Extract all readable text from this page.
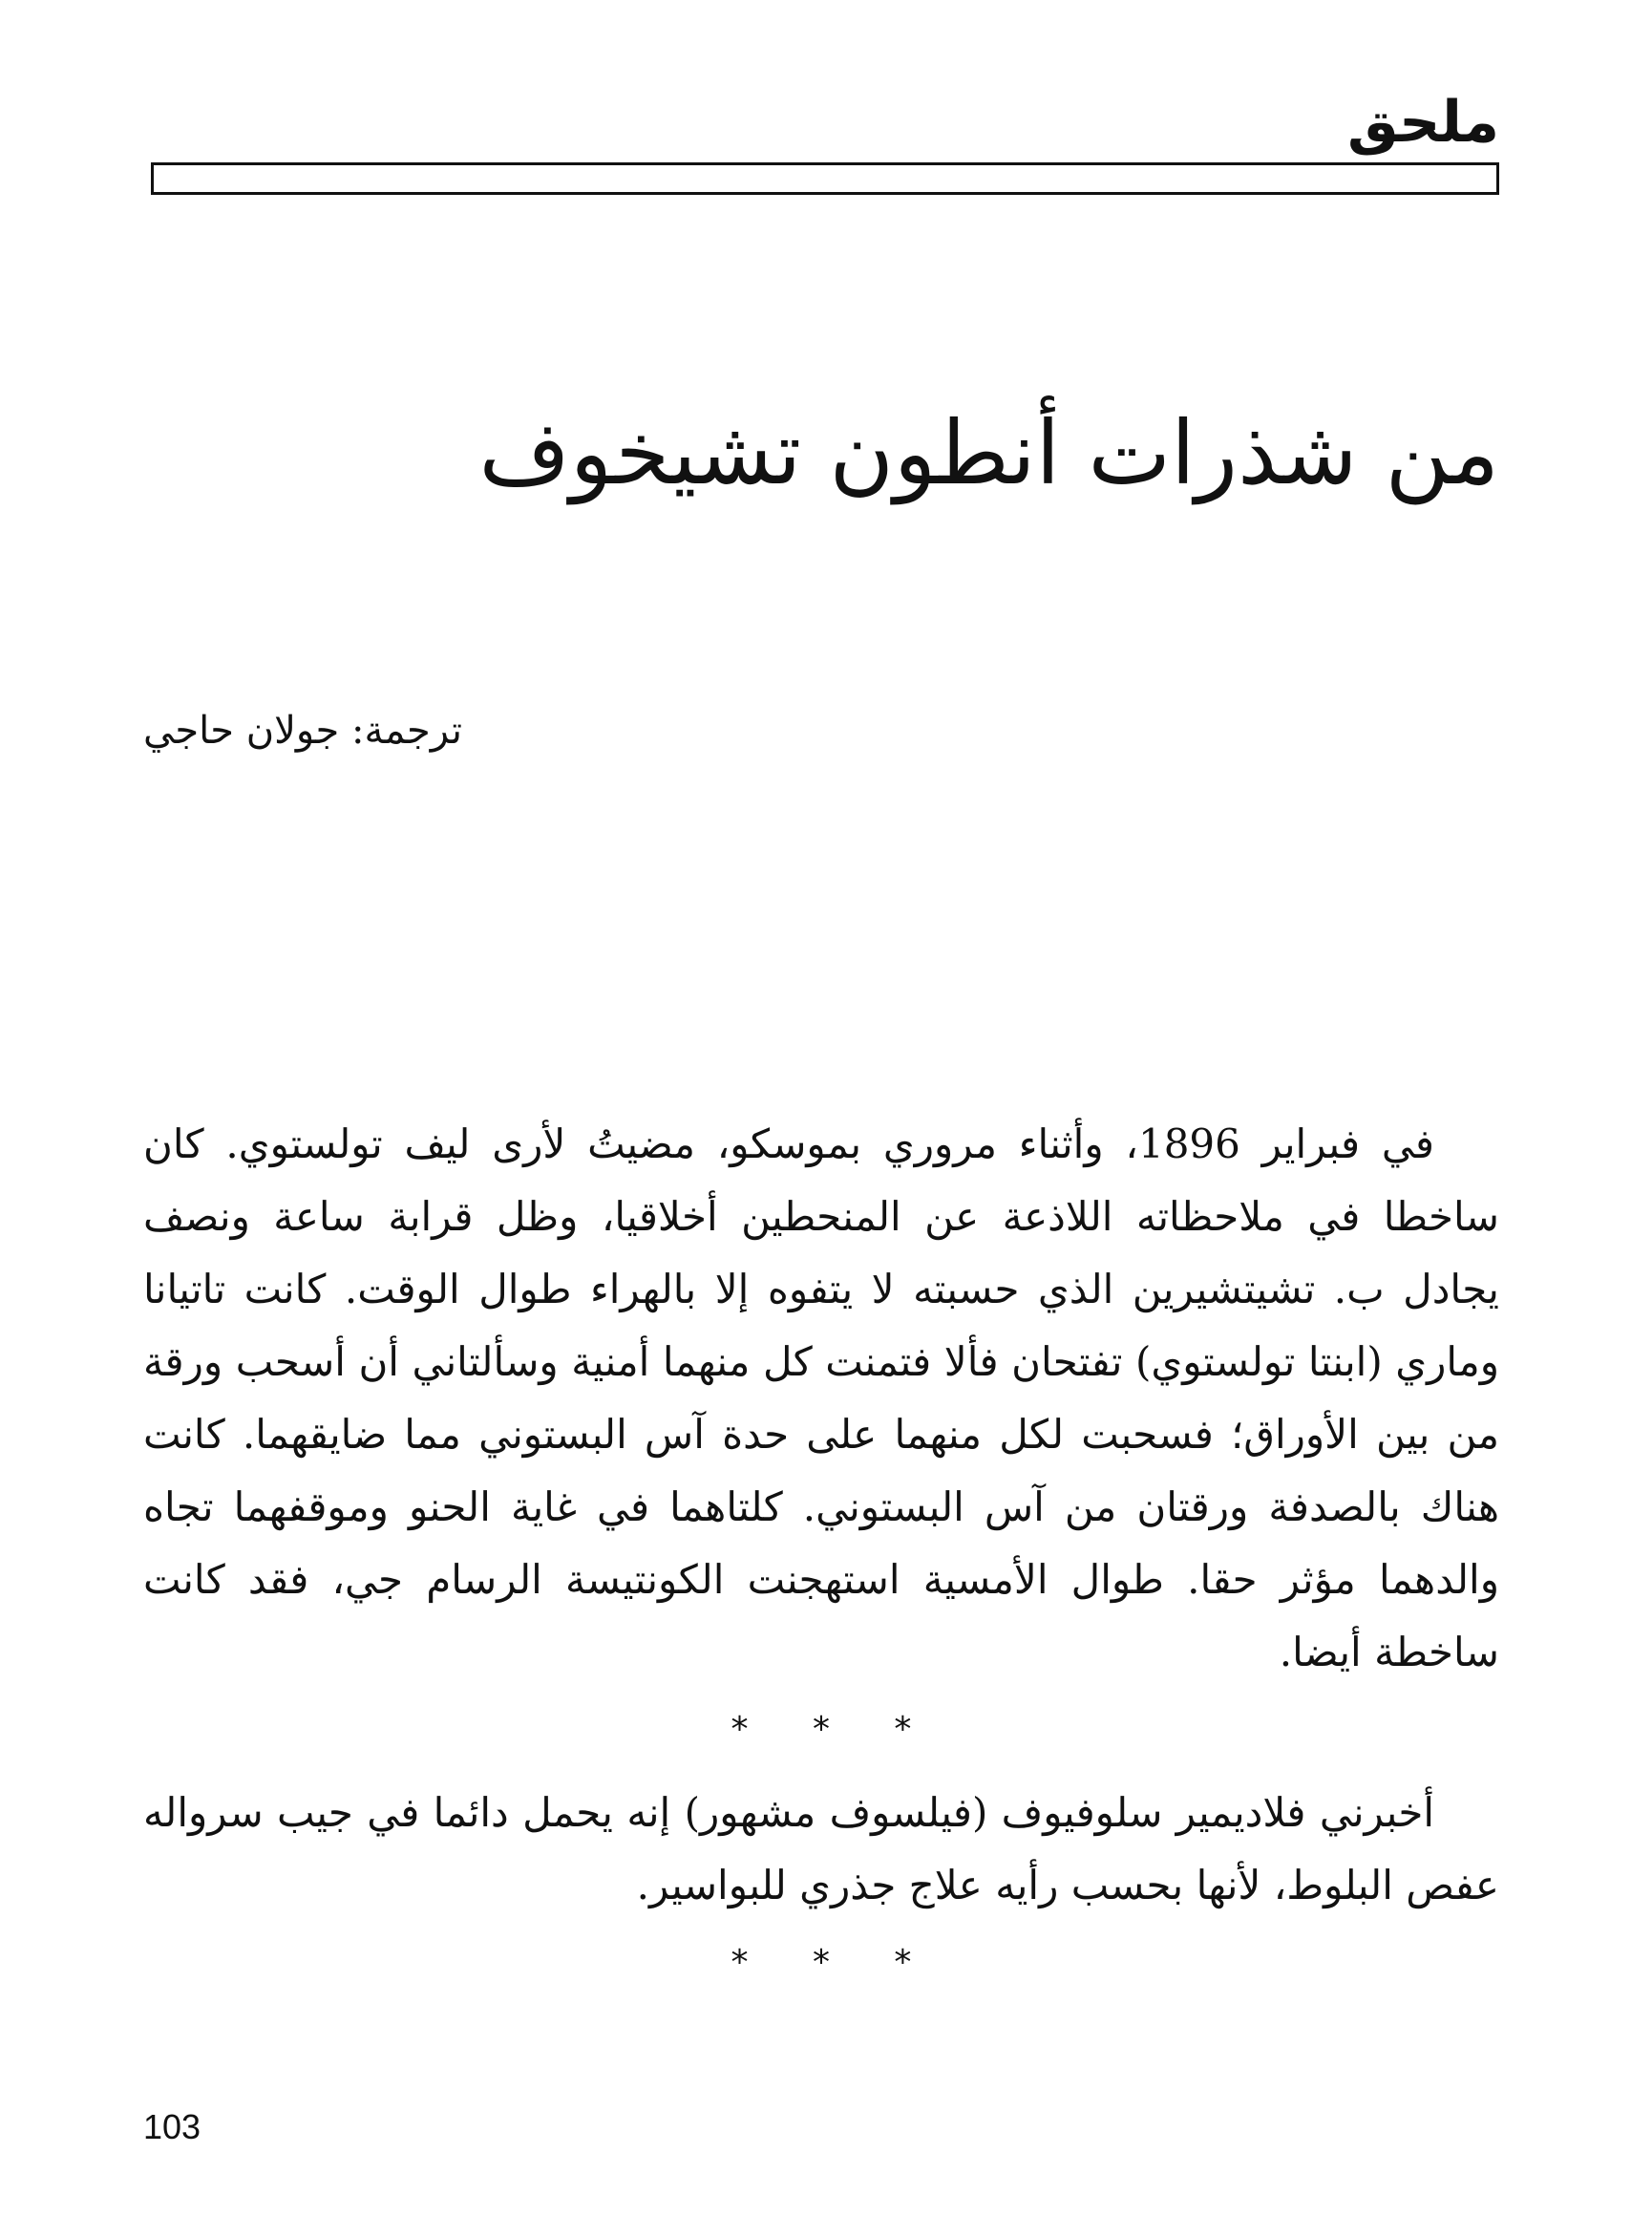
ملحق
من شذرات أنطون تشيخوف

ترجمة: جولان حاجي

في فبراير 1896، وأثناء مروري بموسكو، مضيتُ لأرى ليف تولستوي. كان ساخطا في ملاحظاته اللاذعة عن المنحطين أخلاقيا، وظل قرابة ساعة ونصف يجادل ب. تشيتشيرين الذي حسبته لا يتفوه إلا بالهراء طوال الوقت. كانت تاتيانا وماري (ابنتا تولستوي) تفتحان فألا فتمنت كل منهما أمنية وسألتاني أن أسحب ورقة من بين الأوراق؛ فسحبت لكل منهما على حدة آس البستوني مما ضايقهما. كانت هناك بالصدفة ورقتان من آس البستوني. كلتاهما في غاية الحنو وموقفهما تجاه والدهما مؤثر حقا. طوال الأمسية استهجنت الكونتيسة الرسام جي، فقد كانت ساخطة أيضا.

* * *

أخبرني فلاديمير سلوفيوف (فيلسوف مشهور) إنه يحمل دائما في جيب سرواله عفص البلوط، لأنها بحسب رأيه علاج جذري للبواسير.

* * *

103
